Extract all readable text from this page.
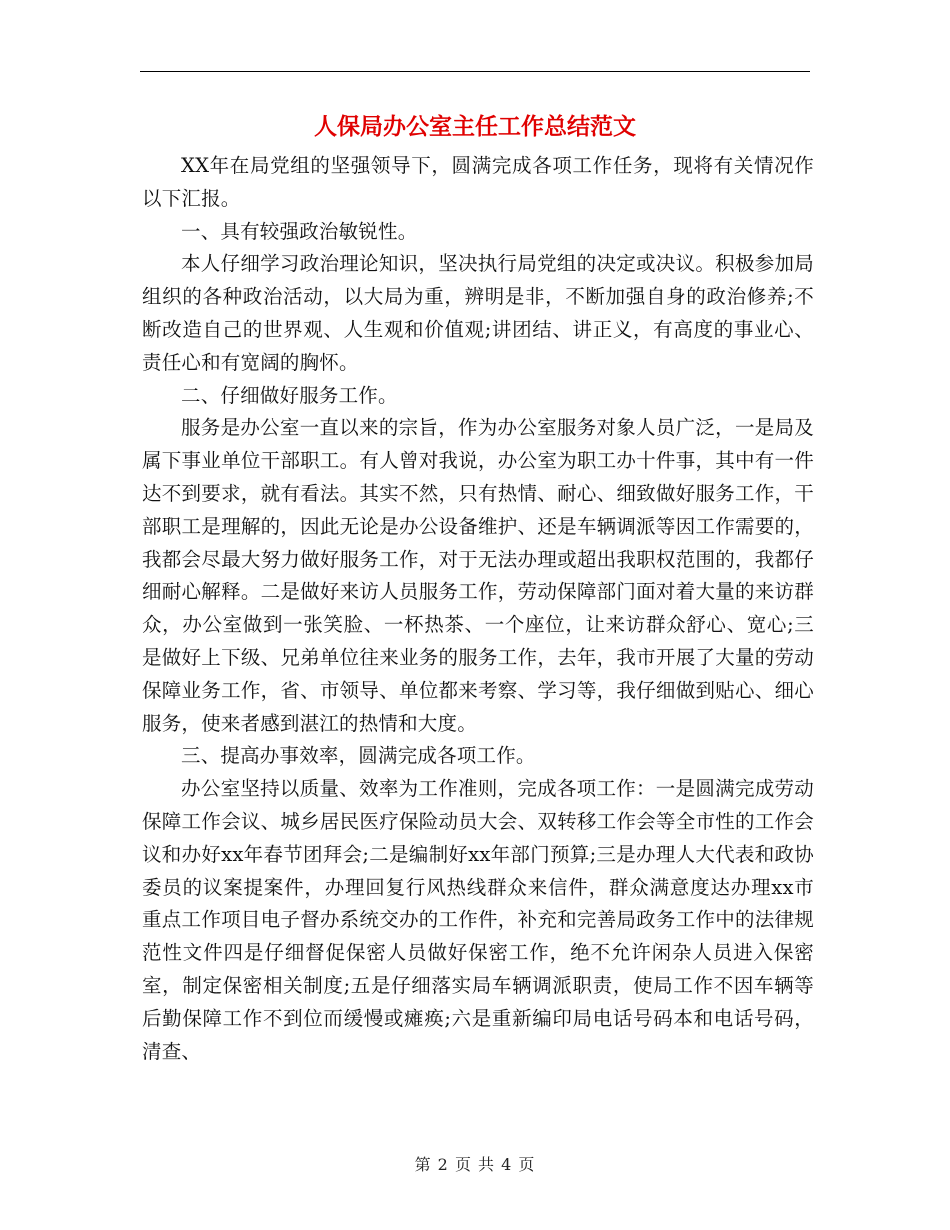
人保局办公室主任工作总结范文

XX年在局党组的坚强领导下，圆满完成各项工作任务，现将有关情况作以下汇报。

一、具有较强政治敏锐性。

本人仔细学习政治理论知识，坚决执行局党组的决定或决议。积极参加局组织的各种政治活动，以大局为重，辨明是非，不断加强自身的政治修养;不断改造自己的世界观、人生观和价值观;讲团结、讲正义，有高度的事业心、责任心和有宽阔的胸怀。

二、仔细做好服务工作。

服务是办公室一直以来的宗旨，作为办公室服务对象人员广泛，一是局及属下事业单位干部职工。有人曾对我说，办公室为职工办十件事，其中有一件达不到要求，就有看法。其实不然，只有热情、耐心、细致做好服务工作，干部职工是理解的，因此无论是办公设备维护、还是车辆调派等因工作需要的，我都会尽最大努力做好服务工作，对于无法办理或超出我职权范围的，我都仔细耐心解释。二是做好来访人员服务工作，劳动保障部门面对着大量的来访群众，办公室做到一张笑脸、一杯热茶、一个座位，让来访群众舒心、宽心;三是做好上下级、兄弟单位往来业务的服务工作，去年，我市开展了大量的劳动保障业务工作，省、市领导、单位都来考察、学习等，我仔细做到贴心、细心服务，使来者感到湛江的热情和大度。

三、提高办事效率，圆满完成各项工作。

办公室坚持以质量、效率为工作准则，完成各项工作：一是圆满完成劳动保障工作会议、城乡居民医疗保险动员大会、双转移工作会等全市性的工作会议和办好xx年春节团拜会;二是编制好xx年部门预算;三是办理人大代表和政协委员的议案提案件，办理回复行风热线群众来信件，群众满意度达办理xx市重点工作项目电子督办系统交办的工作件，补充和完善局政务工作中的法律规范性文件四是仔细督促保密人员做好保密工作，绝不允许闲杂人员进入保密室，制定保密相关制度;五是仔细落实局车辆调派职责，使局工作不因车辆等后勤保障工作不到位而缓慢或瘫痪;六是重新编印局电话号码本和电话号码，清查、

第 2 页 共 4 页
